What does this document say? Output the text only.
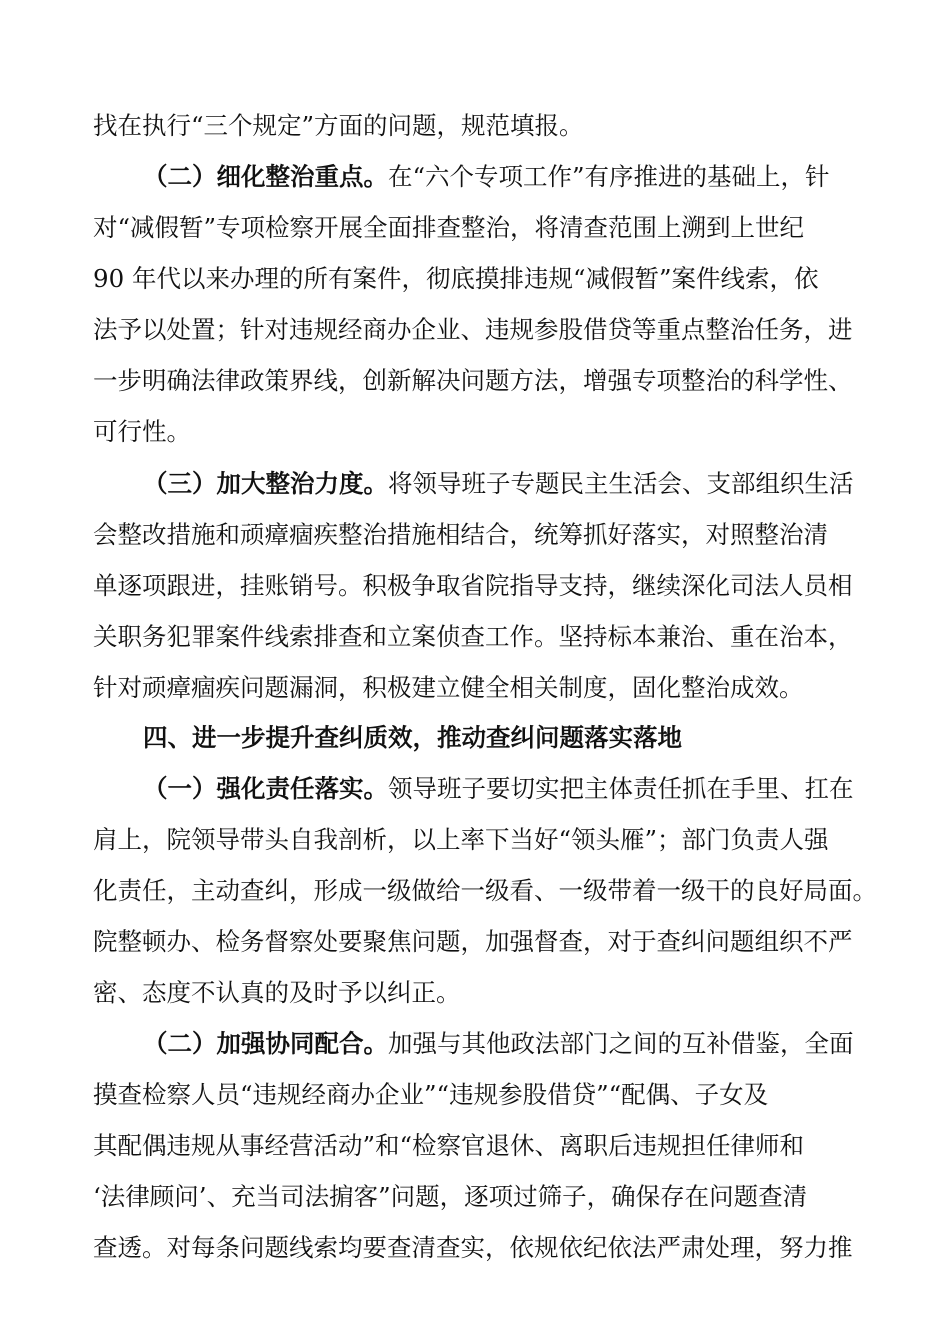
找在执行“三个规定”方面的问题，规范填报。
（二）细化整治重点。在“六个专项工作”有序推进的基础上，针
对“减假暂”专项检察开展全面排查整治，将清查范围上溯到上世纪
90 年代以来办理的所有案件，彻底摸排违规“减假暂”案件线索，依
法予以处置；针对违规经商办企业、违规参股借贷等重点整治任务，进
一步明确法律政策界线，创新解决问题方法，增强专项整治的科学性、
可行性。
（三）加大整治力度。将领导班子专题民主生活会、支部组织生活
会整改措施和顽瘴痼疾整治措施相结合，统筹抓好落实，对照整治清
单逐项跟进，挂账销号。积极争取省院指导支持，继续深化司法人员相
关职务犯罪案件线索排查和立案侦查工作。坚持标本兼治、重在治本，
针对顽瘴痼疾问题漏洞，积极建立健全相关制度，固化整治成效。
四、进一步提升查纠质效，推动查纠问题落实落地
（一）强化责任落实。领导班子要切实把主体责任抓在手里、扛在
肩上，院领导带头自我剖析，以上率下当好“领头雁”；部门负责人强
化责任，主动查纠，形成一级做给一级看、一级带着一级干的良好局面。
院整顿办、检务督察处要聚焦问题，加强督查，对于查纠问题组织不严
密、态度不认真的及时予以纠正。
（二）加强协同配合。加强与其他政法部门之间的互补借鉴，全面
摸查检察人员“违规经商办企业”“违规参股借贷”“配偶、子女及
其配偶违规从事经营活动”和“检察官退休、离职后违规担任律师和
‘法律顾问’、充当司法掮客”问题，逐项过筛子，确保存在问题查清
查透。对每条问题线索均要查清查实，依规依纪依法严肃处理，努力推
